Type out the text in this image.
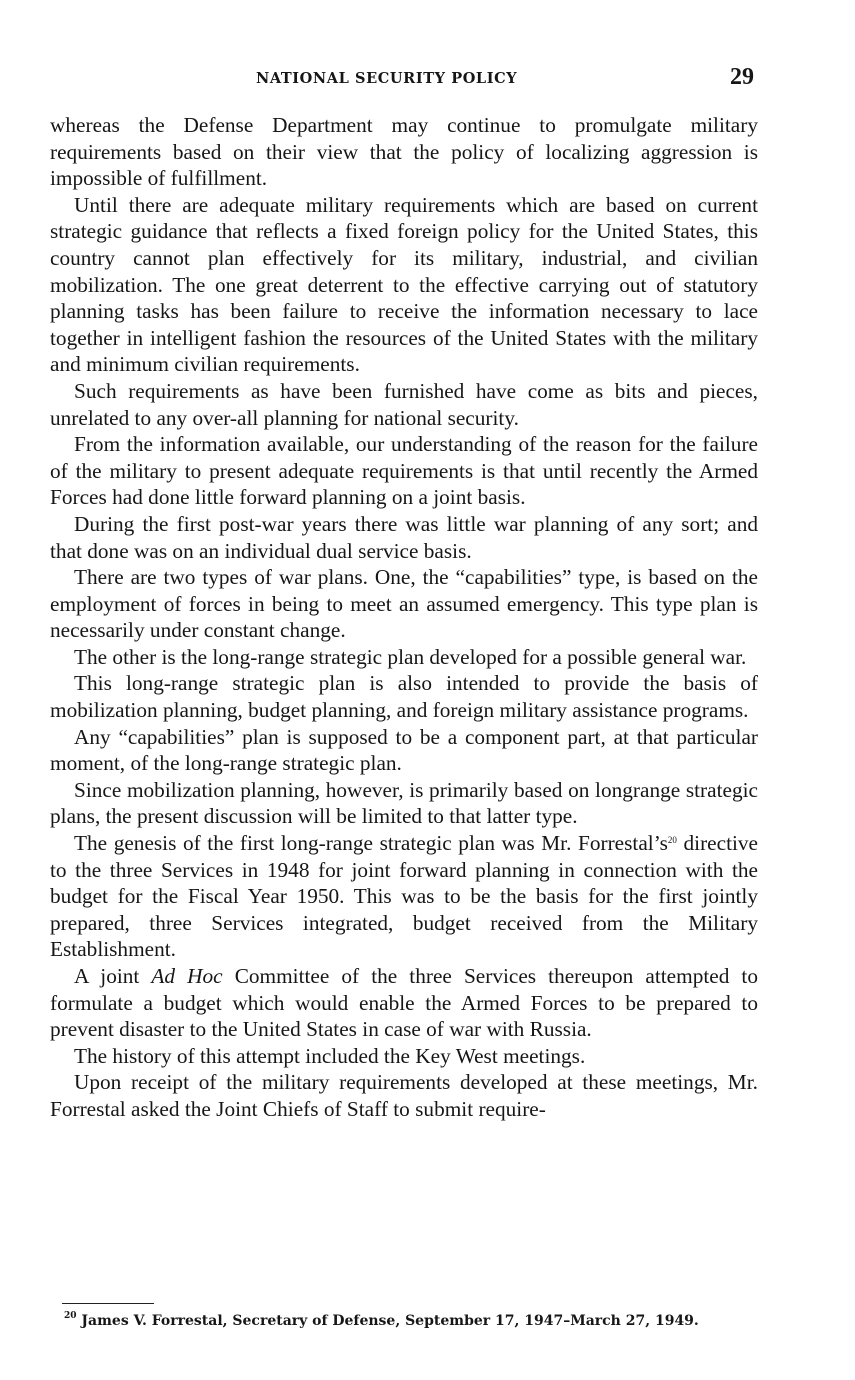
NATIONAL SECURITY POLICY	29

whereas the Defense Department may continue to promulgate military requirements based on their view that the policy of localizing aggression is impossible of fulfillment.

Until there are adequate military requirements which are based on current strategic guidance that reflects a fixed foreign policy for the United States, this country cannot plan effectively for its military, industrial, and civilian mobilization. The one great deterrent to the effective carrying out of statutory planning tasks has been failure to receive the information necessary to lace together in intelligent fashion the resources of the United States with the military and minimum civilian requirements.

Such requirements as have been furnished have come as bits and pieces, unrelated to any over-all planning for national security.

From the information available, our understanding of the reason for the failure of the military to present adequate requirements is that until recently the Armed Forces had done little forward planning on a joint basis.

During the first post-war years there was little war planning of any sort; and that done was on an individual dual service basis.

There are two types of war plans. One, the “capabilities” type, is based on the employment of forces in being to meet an assumed emergency. This type plan is necessarily under constant change.

The other is the long-range strategic plan developed for a possible general war.

This long-range strategic plan is also intended to provide the basis of mobilization planning, budget planning, and foreign military assistance programs.

Any “capabilities” plan is supposed to be a component part, at that particular moment, of the long-range strategic plan.

Since mobilization planning, however, is primarily based on longrange strategic plans, the present discussion will be limited to that latter type.

The genesis of the first long-range strategic plan was Mr. $Forrestal’s^{20}$ directive to the three Services in 1948 for joint forward planning in connection with the budget for the Fiscal Year 1950. This was to be the basis for the first jointly prepared, three Services integrated, budget received from the Military Establishment.

A joint Ad Hoc Committee of the three Services thereupon attempted to formulate a budget which would enable the Armed Forces to be prepared to prevent disaster to the United States in case of war with Russia.

The history of this attempt included the Key West meetings.

Upon receipt of the military requirements developed at these meetings, Mr. Forrestal asked the Joint Chiefs of Staff to submit require-

$^{20}$ James V. Forrestal, Secretary of Defense, September 17, 1947–March 27, 1949.
